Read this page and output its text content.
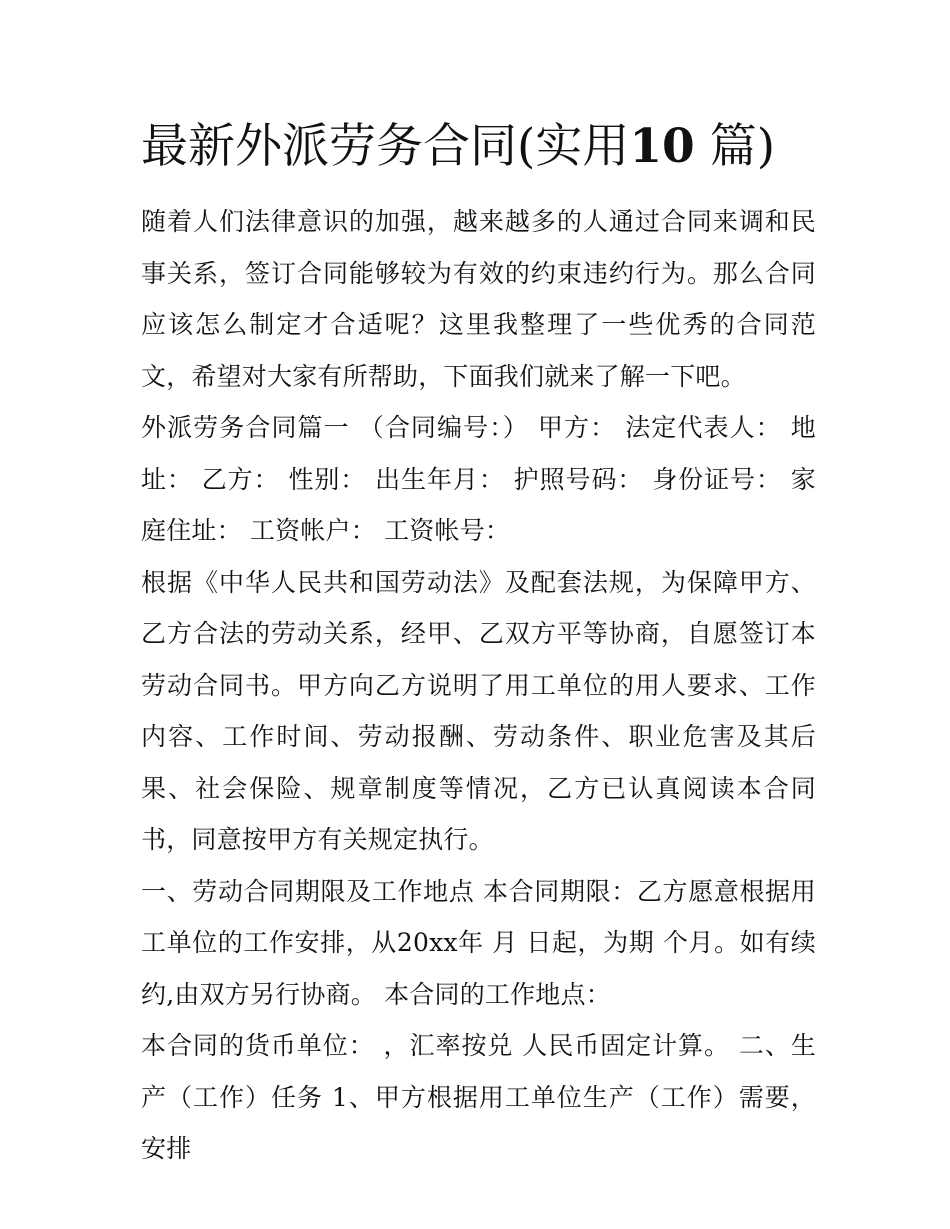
最新外派劳务合同(实用10 篇)

随着人们法律意识的加强，越来越多的人通过合同来调和民事关系，签订合同能够较为有效的约束违约行为。那么合同应该怎么制定才合适呢？这里我整理了一些优秀的合同范文，希望对大家有所帮助，下面我们就来了解一下吧。

外派劳务合同篇一 （合同编号：） 甲方： 法定代表人： 地址： 乙方： 性别： 出生年月： 护照号码： 身份证号： 家庭住址： 工资帐户： 工资帐号：

根据《中华人民共和国劳动法》及配套法规，为保障甲方、乙方合法的劳动关系，经甲、乙双方平等协商，自愿签订本劳动合同书。甲方向乙方说明了用工单位的用人要求、工作内容、工作时间、劳动报酬、劳动条件、职业危害及其后果、社会保险、规章制度等情况，乙方已认真阅读本合同书，同意按甲方有关规定执行。

一、劳动合同期限及工作地点 本合同期限：乙方愿意根据用工单位的工作安排，从20xx年 月 日起，为期 个月。如有续约,由双方另行协商。 本合同的工作地点：

本合同的货币单位： ，汇率按兑 人民币固定计算。 二、生产（工作）任务 1、甲方根据用工单位生产（工作）需要，安排
